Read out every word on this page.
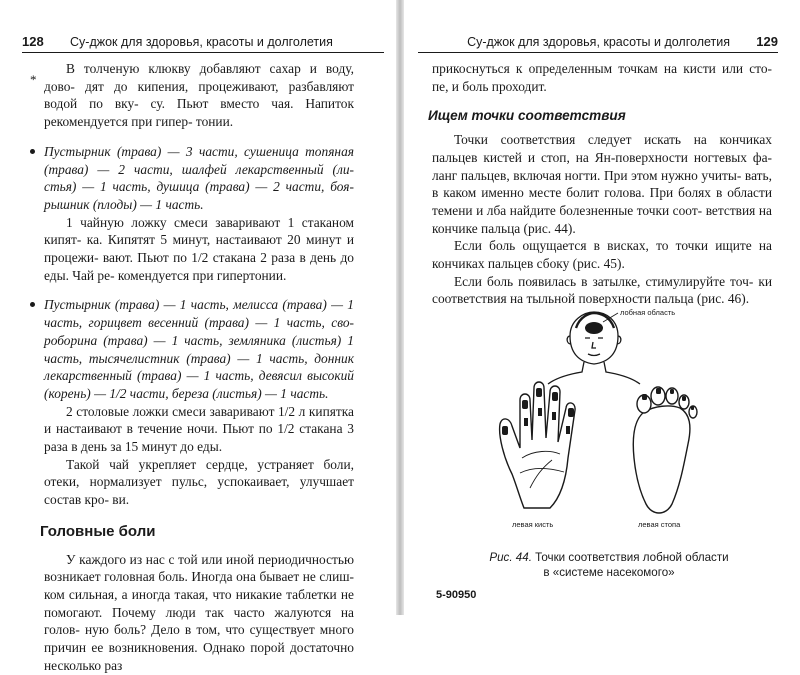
128 Су-джок для здоровья, красоты и долголетия
*

В толченую клюкву добавляют сахар и воду, дово- дят до кипения, процеживают, разбавляют водой по вку- су. Пьют вместо чая. Напиток рекомендуется при гипер- тонии.

Пустырник (трава) — 3 части, сушеница топяная (трава) — 2 части, шалфей лекарственный (ли- стья) — 1 часть, душица (трава) — 2 части, боя- рышник (плоды) — 1 часть.

1 чайную ложку смеси заваривают 1 стаканом кипят- ка. Кипятят 5 минут, настаивают 20 минут и процежи- вают. Пьют по 1/2 стакана 2 раза в день до еды. Чай ре- комендуется при гипертонии.

Пустырник (трава) — 1 часть, мелисса (трава) — 1 часть, горицвет весенний (трава) — 1 часть, сво- роборина (трава) — 1 часть, земляника (листья) 1 часть, тысячелистник (трава) — 1 часть, донник лекарственный (трава) — 1 часть, девясил высокий (корень) — 1/2 части, береза (листья) — 1 часть.

2 столовые ложки смеси заваривают 1/2 л кипятка и настаивают в течение ночи. Пьют по 1/2 стакана 3 раза в день за 15 минут до еды.

Такой чай укрепляет сердце, устраняет боли, отеки, нормализует пульс, успокаивает, улучшает состав кро- ви.

Головные боли

У каждого из нас с той или иной периодичностью возникает головная боль. Иногда она бывает не слиш- ком сильная, а иногда такая, что никакие таблетки не помогают. Почему люди так часто жалуются на голов- ную боль? Дело в том, что существует много причин ее возникновения. Однако порой достаточно несколько раз

Су-джок для здоровья, красоты и долголетия 129

прикоснуться к определенным точкам на кисти или сто- пе, и боль проходит.

Ищем точки соответствия

Точки соответствия следует искать на кончиках пальцев кистей и стоп, на Ян-поверхности ногтевых фа- ланг пальцев, включая ногти. При этом нужно учиты- вать, в каком именно месте болит голова. При болях в области темени и лба найдите болезненные точки соот- ветствия на кончике пальца (рис. 44).

Если боль ощущается в висках, то точки ищите на кончиках пальцев сбоку (рис. 45).

Если боль появилась в затылке, стимулируйте точ- ки соответствия на тыльной поверхности пальца (рис. 46).

лобная область
левая кисть	левая стопа
Рис. 44. Точки соответствия лобной области
в «системе насекомого»
5-90950
